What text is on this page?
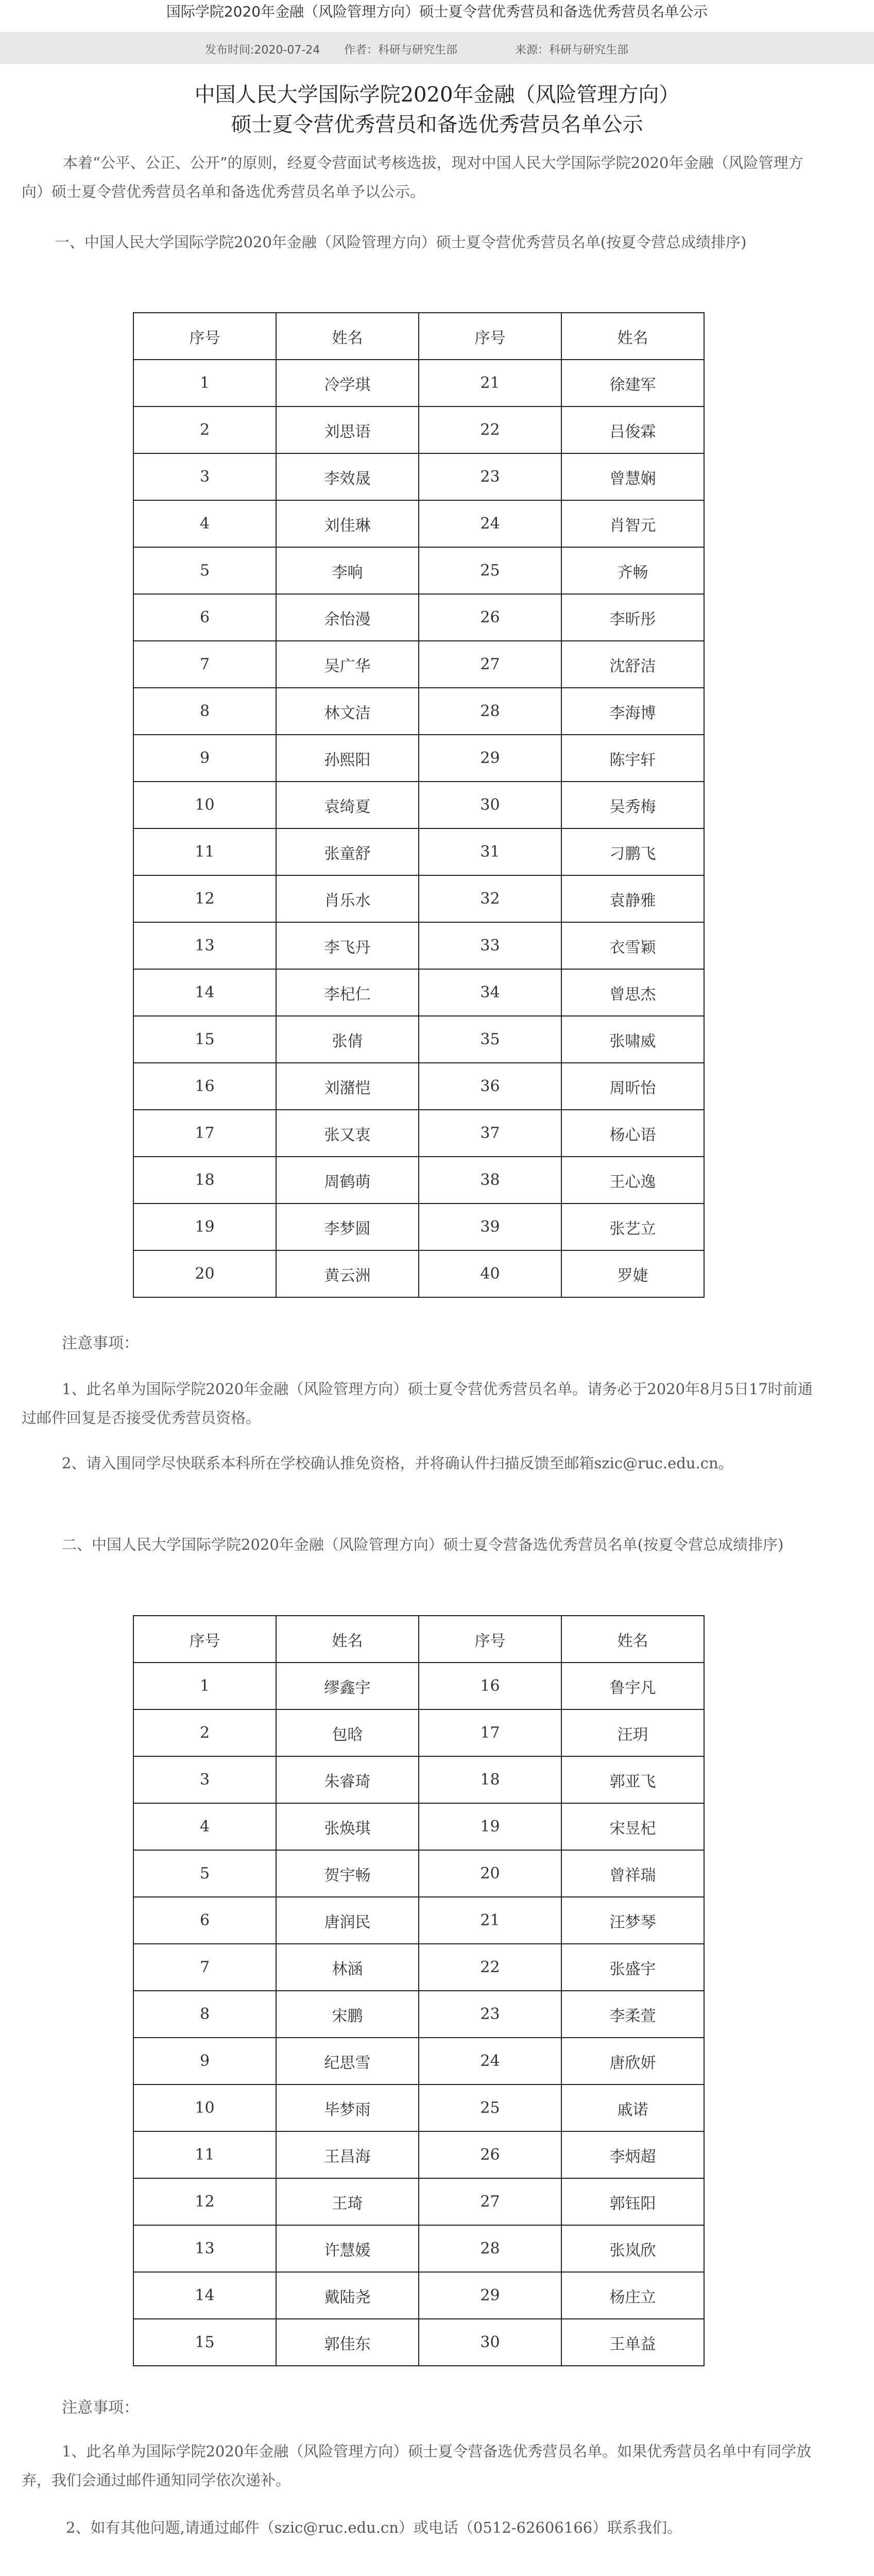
国际学院2020年金融（风险管理方向）硕士夏令营优秀营员和备选优秀营员名单公示
发布时间:2020-07-24 作者：科研与研究生部	来源：科研与研究生部
中国人民大学国际学院2020年金融（风险管理方向）
硕士夏令营优秀营员和备选优秀营员名单公示
本着“公平、公正、公开”的原则，经夏令营面试考核选拔，现对中国人民大学国际学院2020年金融（风险管理方向）硕士夏令营优秀营员名单和备选优秀营员名单予以公示。
一、中国人民大学国际学院2020年金融（风险管理方向）硕士夏令营优秀营员名单(按夏令营总成绩排序)
序号	姓名	序号	姓名
1	冷学琪	21	徐建军
2	刘思语	22	吕俊霖
3	李效晟	23	曾慧娴
4	刘佳琳	24	肖智元
5	李响	25	齐畅
6	余怡漫	26	李昕彤
7	吴广华	27	沈舒洁
8	林文洁	28	李海博
9	孙熙阳	29	陈宇轩
10	袁绮夏	30	吴秀梅
11	张童舒	31	刁鹏飞
12	肖乐水	32	袁静雅
13	李飞丹	33	衣雪颖
14	李杞仁	34	曾思杰
15	张倩	35	张啸威
16	刘潴恺	36	周昕怡
17	张又衷	37	杨心语
18	周鹤萌	38	王心逸
19	李梦圆	39	张艺立
20	黄云洲	40	罗婕
注意事项：
1、此名单为国际学院2020年金融（风险管理方向）硕士夏令营优秀营员名单。请务必于2020年8月5日17时前通过邮件回复是否接受优秀营员资格。
2、请入围同学尽快联系本科所在学校确认推免资格，并将确认件扫描反馈至邮箱szic@ruc.edu.cn。
二、中国人民大学国际学院2020年金融（风险管理方向）硕士夏令营备选优秀营员名单(按夏令营总成绩排序)
序号	姓名	序号	姓名
1	缪鑫宇	16	鲁宇凡
2	包晗	17	汪玥
3	朱睿琦	18	郭亚飞
4	张焕琪	19	宋昱杞
5	贺宇畅	20	曾祥瑞
6	唐润民	21	汪梦琴
7	林涵	22	张盛宇
8	宋鹏	23	李柔萱
9	纪思雪	24	唐欣妍
10	毕梦雨	25	戚诺
11	王昌海	26	李炳超
12	王琦	27	郭钰阳
13	许慧媛	28	张岚欣
14	戴陆尧	29	杨庄立
15	郭佳东	30	王单益
注意事项：
1、此名单为国际学院2020年金融（风险管理方向）硕士夏令营备选优秀营员名单。如果优秀营员名单中有同学放弃，我们会通过邮件通知同学依次递补。
2、如有其他问题,请通过邮件（szic@ruc.edu.cn）或电话（0512-62606166）联系我们。
